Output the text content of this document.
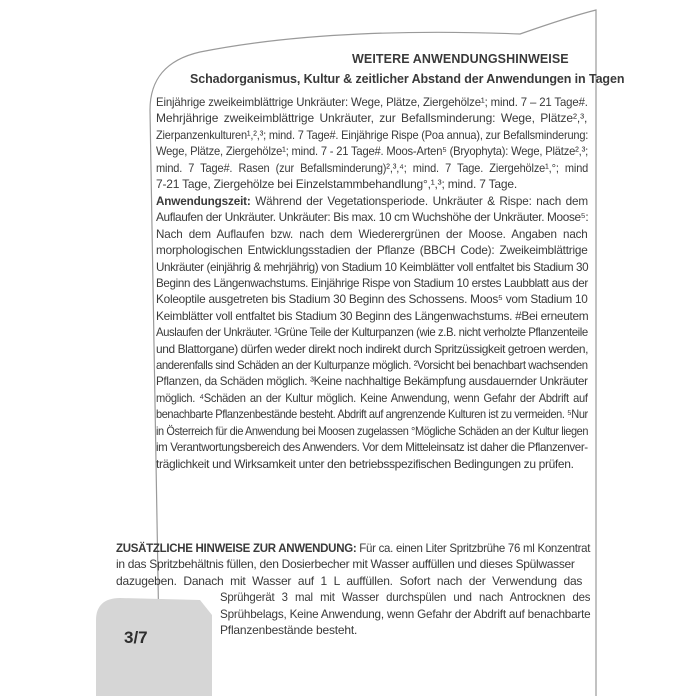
3/7
WEITERE ANWENDUNGSHINWEISE
Schadorganismus, Kultur & zeitlicher Abstand der Anwendungen in Tagen
Einjährige zweikeimblättrige Unkräuter: Wege, Plätze, Ziergehölze¹; mind. 7 – 21 Tage#.
Mehrjährige zweikeimblättrige Unkräuter, zur Befallsminderung: Wege, Plätze²,³,
Zierpanzenkulturen¹,²,³; mind. 7 Tage#. Einjährige Rispe (Poa annua), zur Befallsminderung:
Wege, Plätze, Ziergehölze¹; mind. 7 - 21 Tage#. Moos-Arten⁵ (Bryophyta): Wege, Plätze²,³;
mind. 7 Tage#. Rasen (zur Befallsminderung)²,³,⁴; mind. 7 Tage. Ziergehölze¹,°; mind
7-21 Tage, Ziergehölze bei Einzelstammbehandlung°,¹,³; mind. 7 Tage.
Anwendungszeit: Während der Vegetationsperiode. Unkräuter & Rispe: nach dem
Auflaufen der Unkräuter. Unkräuter: Bis max. 10 cm Wuchshöhe der Unkräuter. Moose⁵:
Nach dem Auflaufen bzw. nach dem Wiederergrünen der Moose. Angaben nach
morphologischen Entwicklungsstadien der Pflanze (BBCH Code): Zweikeimblättrige
Unkräuter (einjährig & mehrjährig) von Stadium 10 Keimblätter voll entfaltet bis Stadium 30
Beginn des Längenwachstums. Einjährige Rispe von Stadium 10 erstes Laubblatt aus der
Koleoptile ausgetreten bis Stadium 30 Beginn des Schossens. Moos⁵ vom Stadium 10
Keimblätter voll entfaltet bis Stadium 30 Beginn des Längenwachstums. #Bei erneutem
Auslaufen der Unkräuter. ¹Grüne Teile der Kulturpanzen (wie z.B. nicht verholzte Pflanzenteile
und Blattorgane) dürfen weder direkt noch indirekt durch Spritzüssigkeit getroen werden,
anderenfalls sind Schäden an der Kulturpanze möglich. ²Vorsicht bei benachbart wachsenden
Pflanzen, da Schäden möglich. ³Keine nachhaltige Bekämpfung ausdauernder Unkräuter
möglich. ⁴Schäden an der Kultur möglich. Keine Anwendung, wenn Gefahr der Abdrift auf
benachbarte Pflanzenbestände besteht. Abdrift auf angrenzende Kulturen ist zu vermeiden. ⁵Nur
in Österreich für die Anwendung bei Moosen zugelassen °Mögliche Schäden an der Kultur liegen
im Verantwortungsbereich des Anwenders. Vor dem Mitteleinsatz ist daher die Pflanzenver-
träglichkeit und Wirksamkeit unter den betriebsspezifischen Bedingungen zu prüfen.
ZUSÄTZLICHE HINWEISE ZUR ANWENDUNG: Für ca. einen Liter Spritzbrühe 76 ml Konzentrat
in das Spritzbehältnis füllen, den Dosierbecher mit Wasser auffüllen und dieses Spülwasser
dazugeben. Danach mit Wasser auf 1 L auffüllen. Sofort nach der Verwendung das
Sprühgerät 3 mal mit Wasser durchspülen und nach Antrocknen des
Sprühbelags, Keine Anwendung, wenn Gefahr der Abdrift auf benachbarte
Pflanzenbestände besteht.
